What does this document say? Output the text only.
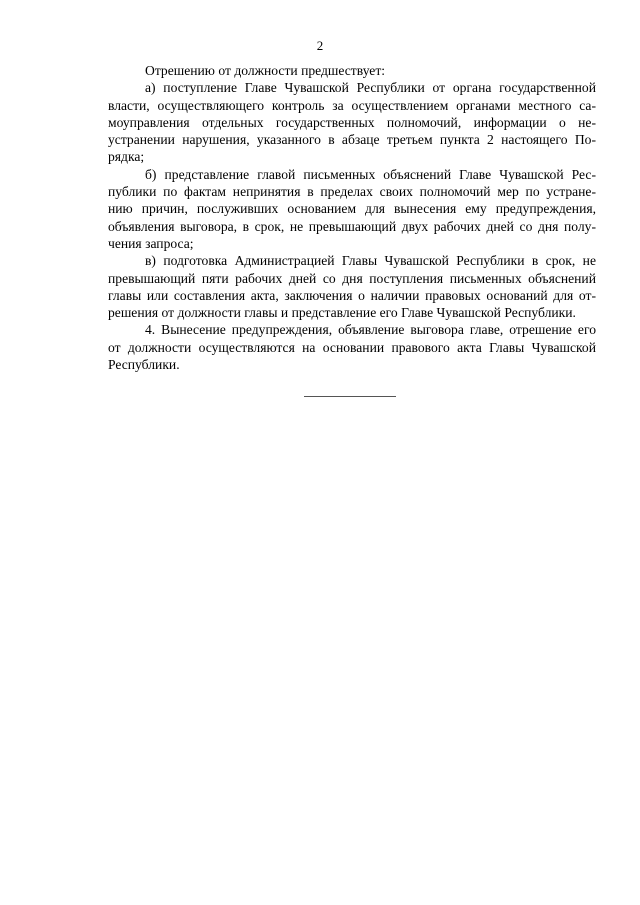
2
Отрешению от должности предшествует:
а) поступление Главе Чувашской Республики от органа государственной
власти, осуществляющего контроль за осуществлением органами местного са-
моуправления отдельных государственных полномочий, информации о не-
устранении нарушения, указанного в абзаце третьем пункта 2 настоящего По-
рядка;
б) представление главой письменных объяснений Главе Чувашской Рес-
публики по фактам непринятия в пределах своих полномочий мер по устране-
нию причин, послуживших основанием для вынесения ему предупреждения,
объявления выговора, в срок, не превышающий двух рабочих дней со дня полу-
чения запроса;
в) подготовка Администрацией Главы Чувашской Республики в срок, не
превышающий пяти рабочих дней со дня поступления письменных объяснений
главы или составления акта, заключения о наличии правовых оснований для от-
решения от должности главы и представление его Главе Чувашской Республики.
4. Вынесение предупреждения, объявление выговора главе, отрешение его
от должности осуществляются на основании правового акта Главы Чувашской
Республики.
